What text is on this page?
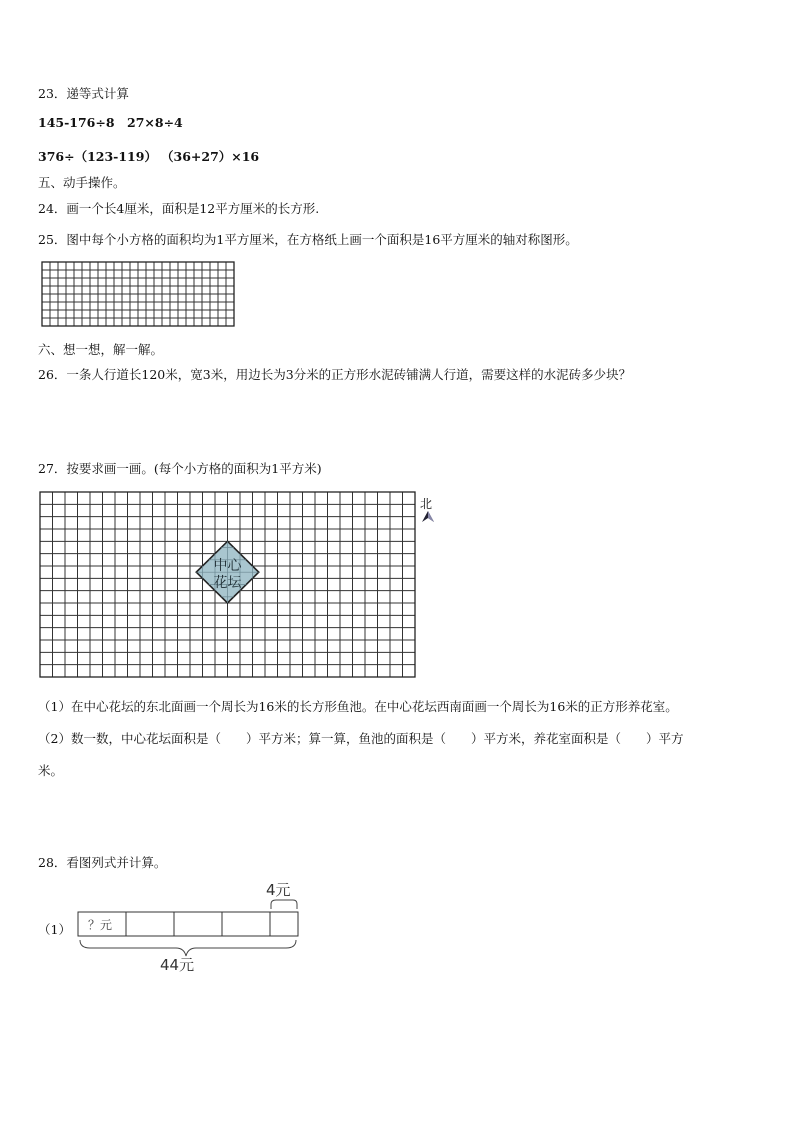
23．递等式计算
145-176÷8 27×8÷4
376÷（123-119） （36+27）×16
五、动手操作。
24．画一个长4厘米，面积是12平方厘米的长方形.
25．图中每个小方格的面积均为1平方厘米，在方格纸上画一个面积是16平方厘米的轴对称图形。
六、想一想，解一解。
26．一条人行道长120米，宽3米，用边长为3分米的正方形水泥砖铺满人行道，需要这样的水泥砖多少块？
27．按要求画一画。(每个小方格的面积为1平方米)
中心
花坛
北
（1）在中心花坛的东北面画一个周长为16米的长方形鱼池。在中心花坛西南面画一个周长为16米的正方形养花室。
（2）数一数，中心花坛面积是（　　）平方米；算一算，鱼池的面积是（　　）平方米，养花室面积是（　　）平方
米。
28．看图列式并计算。
（1） ？元
4元
44元
